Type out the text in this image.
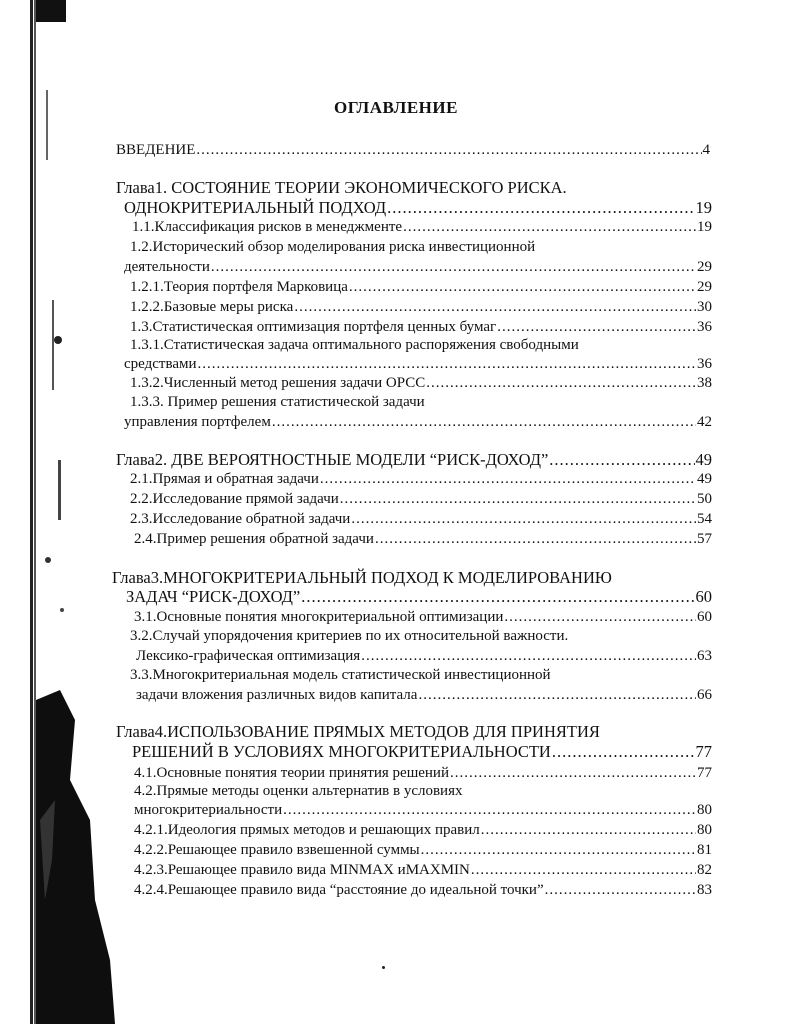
ОГЛАВЛЕНИЕ
ВВЕДЕНИЕ .....	4
Глава1. СОСТОЯНИЕ ТЕОРИИ ЭКОНОМИЧЕСКОГО РИСКА.
ОДНОКРИТЕРИАЛЬНЫЙ ПОДХОД .....	19
1.1.Классификация рисков в менеджменте .....	19
1.2.Исторический обзор моделирования риска инвестиционной
деятельности .....	29
1.2.1.Теория портфеля Марковица .....	29
1.2.2.Базовые меры риска .....	30
1.3.Статистическая оптимизация портфеля ценных бумаг .....	36
1.3.1.Статистическая задача оптимального распоряжения свободными
средствами .....	36
1.3.2.Численный метод решения задачи ОРСС .....	38
1.3.3. Пример решения статистической задачи
управления портфелем .....	42
Глава2. ДВЕ ВЕРОЯТНОСТНЫЕ МОДЕЛИ “РИСК-ДОХОД” .....	49
2.1.Прямая и обратная задачи .....	49
2.2.Исследование прямой задачи .....	50
2.3.Исследование обратной задачи .....	54
2.4.Пример решения обратной задачи .....	57
Глава3.МНОГОКРИТЕРИАЛЬНЫЙ ПОДХОД К МОДЕЛИРОВАНИЮ
ЗАДАЧ “РИСК-ДОХОД” .....	60
3.1.Основные понятия многокритериальной оптимизации .....	60
3.2.Случай упорядочения критериев по их относительной важности.
Лексико-графическая оптимизация .....	63
3.3.Многокритериальная модель статистической инвестиционной
задачи вложения различных видов капитала .....	66
Глава4.ИСПОЛЬЗОВАНИЕ ПРЯМЫХ МЕТОДОВ ДЛЯ ПРИНЯТИЯ
РЕШЕНИЙ В УСЛОВИЯХ МНОГОКРИТЕРИАЛЬНОСТИ .....	77
4.1.Основные понятия теории принятия решений .....	77
4.2.Прямые методы оценки альтернатив в условиях
многокритериальности .....	80
4.2.1.Идеология прямых методов и решающих правил .....	80
4.2.2.Решающее правило взвешенной суммы .....	81
4.2.3.Решающее правило вида MINMAX иMAXMIN .....	82
4.2.4.Решающее правило вида “расстояние до идеальной точки” .....	83
